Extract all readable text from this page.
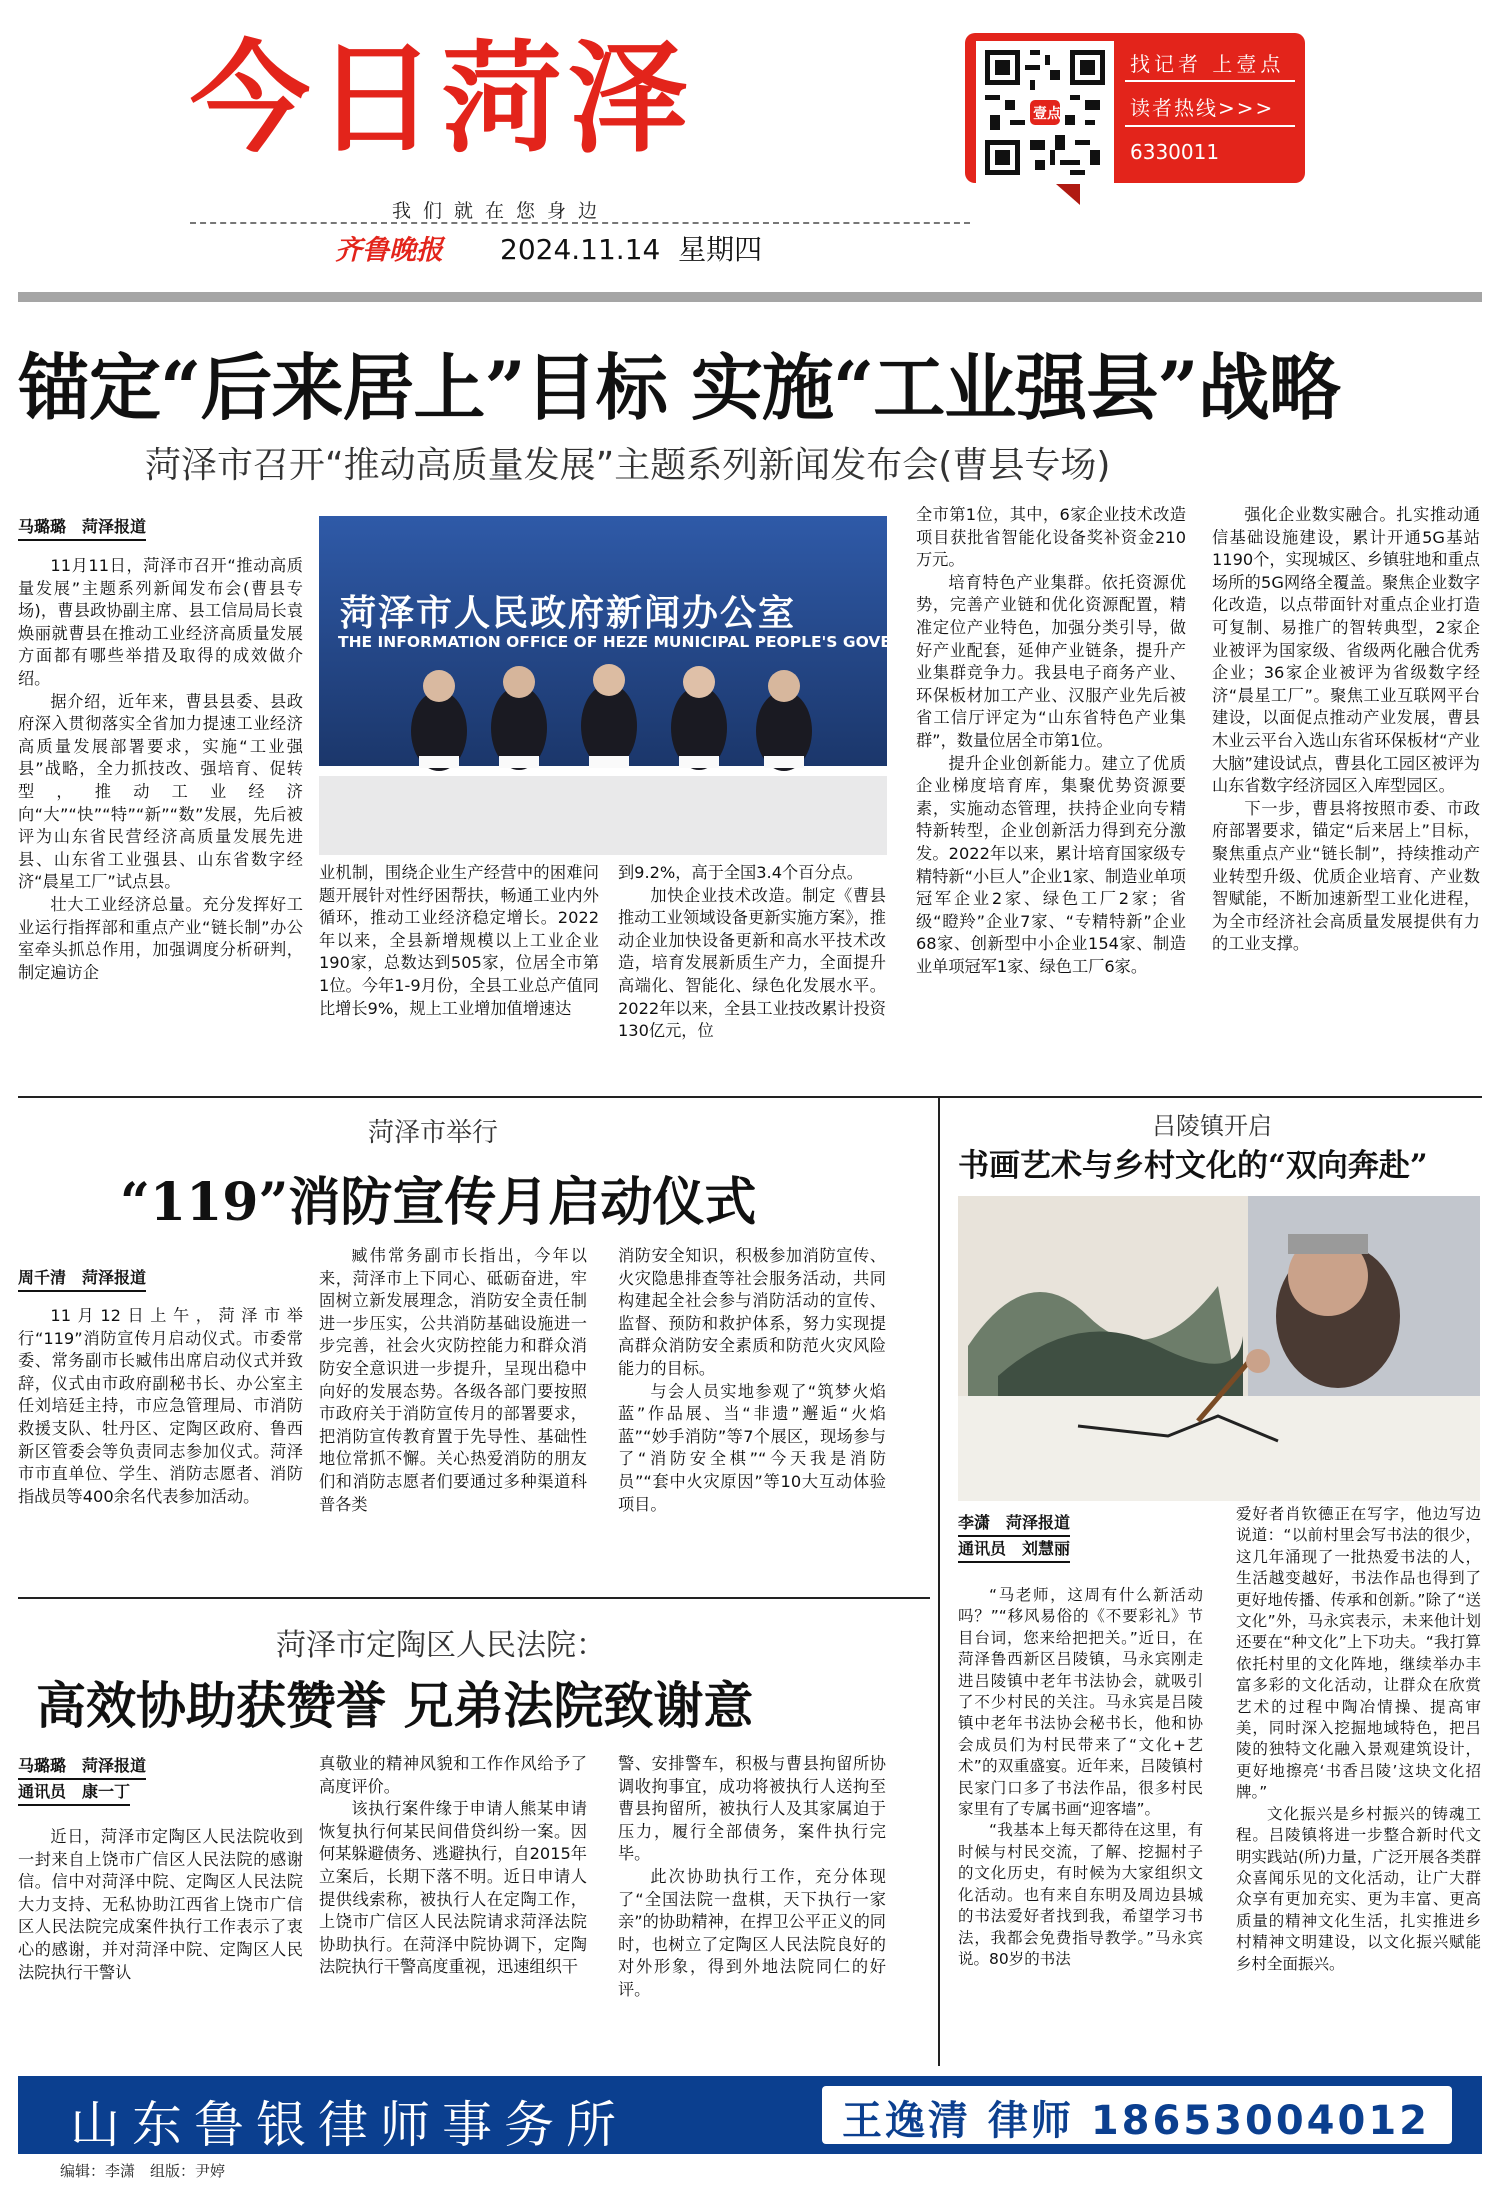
今日菏泽
我们就在您身边
齐鲁晚报 2024.11.14 星期四
壹点
找记者 上壹点
读者热线>>>
6330011
锚定“后来居上”目标 实施“工业强县”战略
菏泽市召开“推动高质量发展”主题系列新闻发布会(曹县专场)
马璐璐　菏泽报道

11月11日，菏泽市召开“推动高质量发展”主题系列新闻发布会(曹县专场)，曹县政协副主席、县工信局局长袁焕丽就曹县在推动工业经济高质量发展方面都有哪些举措及取得的成效做介绍。

据介绍，近年来，曹县县委、县政府深入贯彻落实全省加力提速工业经济高质量发展部署要求，实施“工业强县”战略，全力抓技改、强培育、促转型，推动工业经济向“大”“快”“特”“新”“数”发展，先后被评为山东省民营经济高质量发展先进县、山东省工业强县、山东省数字经济“晨星工厂”试点县。

壮大工业经济总量。充分发挥好工业运行指挥部和重点产业“链长制”办公室牵头抓总作用，加强调度分析研判，制定遍访企

菏泽市人民政府新闻办公室
THE INFORMATION OFFICE OF HEZE MUNICIPAL PEOPLE'S GOVERNMENT

业机制，围绕企业生产经营中的困难问题开展针对性纾困帮扶，畅通工业内外循环，推动工业经济稳定增长。2022年以来，全县新增规模以上工业企业190家，总数达到505家，位居全市第1位。今年1-9月份，全县工业总产值同比增长9%，规上工业增加值增速达

到9.2%，高于全国3.4个百分点。

加快企业技术改造。制定《曹县推动工业领域设备更新实施方案》，推动企业加快设备更新和高水平技术改造，培育发展新质生产力，全面提升高端化、智能化、绿色化发展水平。2022年以来，全县工业技改累计投资130亿元，位

全市第1位，其中，6家企业技术改造项目获批省智能化设备奖补资金210万元。

培育特色产业集群。依托资源优势，完善产业链和优化资源配置，精准定位产业特色，加强分类引导，做好产业配套，延伸产业链条，提升产业集群竞争力。我县电子商务产业、环保板材加工产业、汉服产业先后被省工信厅评定为“山东省特色产业集群”，数量位居全市第1位。

提升企业创新能力。建立了优质企业梯度培育库，集聚优势资源要素，实施动态管理，扶持企业向专精特新转型，企业创新活力得到充分激发。2022年以来，累计培育国家级专精特新“小巨人”企业1家、制造业单项冠军企业2家、绿色工厂2家；省级“瞪羚”企业7家、“专精特新”企业68家、创新型中小企业154家、制造业单项冠军1家、绿色工厂6家。

强化企业数实融合。扎实推动通信基础设施建设，累计开通5G基站1190个，实现城区、乡镇驻地和重点场所的5G网络全覆盖。聚焦企业数字化改造，以点带面针对重点企业打造可复制、易推广的智转典型，2家企业被评为国家级、省级两化融合优秀企业；36家企业被评为省级数字经济“晨星工厂”。聚焦工业互联网平台建设，以面促点推动产业发展，曹县木业云平台入选山东省环保板材“产业大脑”建设试点，曹县化工园区被评为山东省数字经济园区入库型园区。

下一步，曹县将按照市委、市政府部署要求，锚定“后来居上”目标，聚焦重点产业“链长制”，持续推动产业转型升级、优质企业培育、产业数智赋能，不断加速新型工业化进程，为全市经济社会高质量发展提供有力的工业支撑。

菏泽市举行
“119”消防宣传月启动仪式
周千清　菏泽报道

11月12日上午，菏泽市举行“119”消防宣传月启动仪式。市委常委、常务副市长臧伟出席启动仪式并致辞，仪式由市政府副秘书长、办公室主任刘培廷主持，市应急管理局、市消防救援支队、牡丹区、定陶区政府、鲁西新区管委会等负责同志参加仪式。菏泽市市直单位、学生、消防志愿者、消防指战员等400余名代表参加活动。

臧伟常务副市长指出，今年以来，菏泽市上下同心、砥砺奋进，牢固树立新发展理念，消防安全责任制进一步压实，公共消防基础设施进一步完善，社会火灾防控能力和群众消防安全意识进一步提升，呈现出稳中向好的发展态势。各级各部门要按照市政府关于消防宣传月的部署要求，把消防宣传教育置于先导性、基础性地位常抓不懈。关心热爱消防的朋友们和消防志愿者们要通过多种渠道科普各类

消防安全知识，积极参加消防宣传、火灾隐患排查等社会服务活动，共同构建起全社会参与消防活动的宣传、监督、预防和救护体系，努力实现提高群众消防安全素质和防范火灾风险能力的目标。

与会人员实地参观了“筑梦火焰蓝”作品展、当“非遗”邂逅“火焰蓝”“妙手消防”等7个展区，现场参与了“消防安全棋”“今天我是消防员”“套中火灾原因”等10大互动体验项目。

菏泽市定陶区人民法院：
高效协助获赞誉 兄弟法院致谢意
马璐璐　菏泽报道
通讯员　康一丁

近日，菏泽市定陶区人民法院收到一封来自上饶市广信区人民法院的感谢信。信中对菏泽中院、定陶区人民法院大力支持、无私协助江西省上饶市广信区人民法院完成案件执行工作表示了衷心的感谢，并对菏泽中院、定陶区人民法院执行干警认

真敬业的精神风貌和工作作风给予了高度评价。

该执行案件缘于申请人熊某申请恢复执行何某民间借贷纠纷一案。因何某躲避债务、逃避执行，自2015年立案后，长期下落不明。近日申请人提供线索称，被执行人在定陶工作，上饶市广信区人民法院请求菏泽法院协助执行。在菏泽中院协调下，定陶法院执行干警高度重视，迅速组织干

警、安排警车，积极与曹县拘留所协调收拘事宜，成功将被执行人送拘至曹县拘留所，被执行人及其家属迫于压力，履行全部债务，案件执行完毕。

此次协助执行工作，充分体现了“全国法院一盘棋，天下执行一家亲”的协助精神，在捍卫公平正义的同时，也树立了定陶区人民法院良好的对外形象，得到外地法院同仁的好评。

吕陵镇开启
书画艺术与乡村文化的“双向奔赴”
李潇　菏泽报道
通讯员　刘慧丽

“马老师，这周有什么新活动吗？”“移风易俗的《不要彩礼》节目台词，您来给把把关。”近日，在菏泽鲁西新区吕陵镇，马永宾刚走进吕陵镇中老年书法协会，就吸引了不少村民的关注。马永宾是吕陵镇中老年书法协会秘书长，他和协会成员们为村民带来了“文化+艺术”的双重盛宴。近年来，吕陵镇村民家门口多了书法作品，很多村民家里有了专属书画“迎客墙”。

“我基本上每天都待在这里，有时候与村民交流，了解、挖掘村子的文化历史，有时候为大家组织文化活动。也有来自东明及周边县城的书法爱好者找到我，希望学习书法，我都会免费指导教学。”马永宾说。80岁的书法

爱好者肖钦德正在写字，他边写边说道：“以前村里会写书法的很少，这几年涌现了一批热爱书法的人，生活越变越好，书法作品也得到了更好地传播、传承和创新。”除了“送文化”外，马永宾表示，未来他计划还要在“种文化”上下功夫。“我打算依托村里的文化阵地，继续举办丰富多彩的文化活动，让群众在欣赏艺术的过程中陶冶情操、提高审美，同时深入挖掘地域特色，把吕陵的独特文化融入景观建筑设计，更好地擦亮‘书香吕陵’这块文化招牌。”

文化振兴是乡村振兴的铸魂工程。吕陵镇将进一步整合新时代文明实践站(所)力量，广泛开展各类群众喜闻乐见的文化活动，让广大群众享有更加充实、更为丰富、更高质量的精神文化生活，扎实推进乡村精神文明建设，以文化振兴赋能乡村全面振兴。

山东鲁银律师事务所	王逸清 律师 18653004012
编辑：李潇　组版：尹婷
